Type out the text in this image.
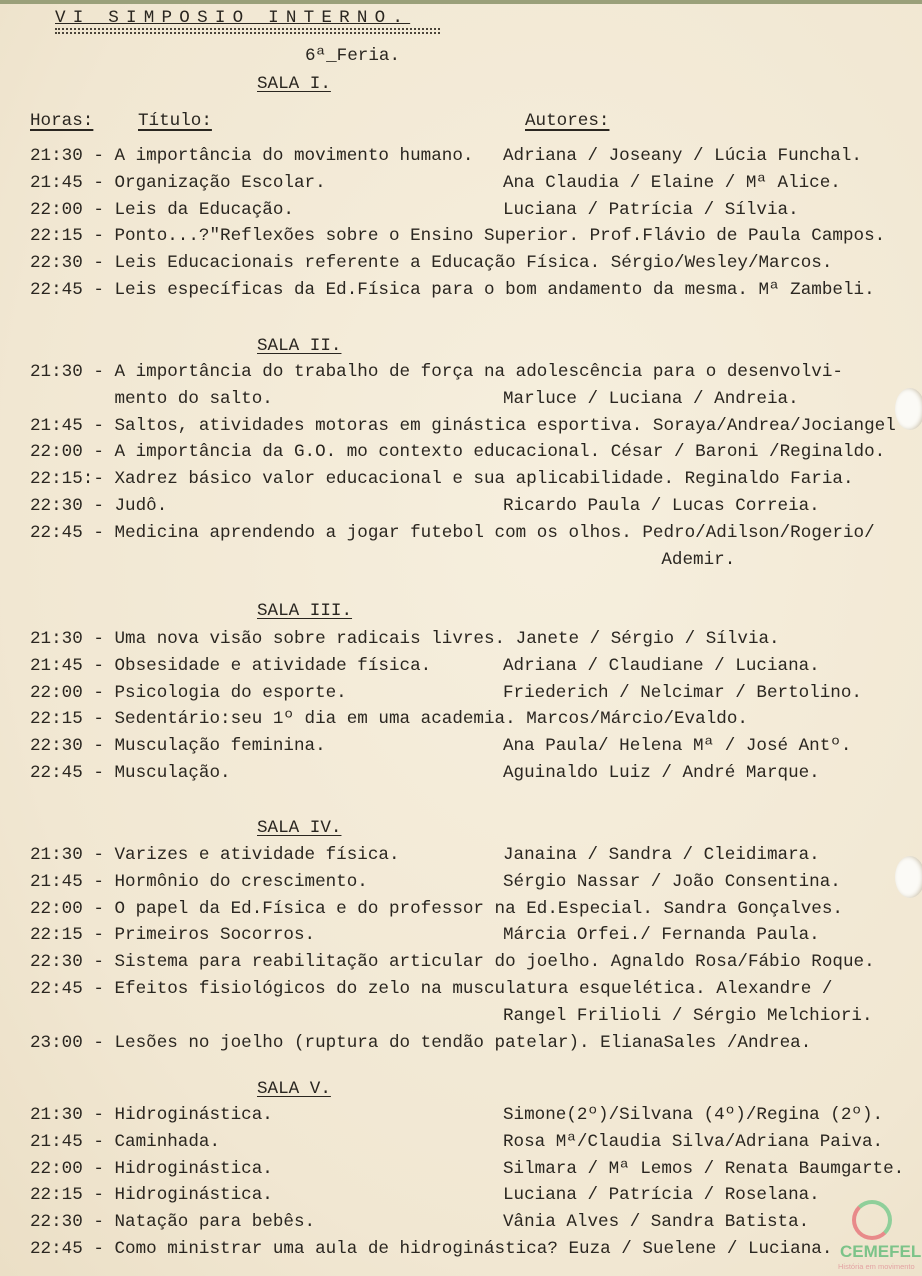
VI SIMPOSIO INTERNO.
6ª_Feria.
Horas:	Título:	Autores:
SALA I.
21:30 - A importância do movimento humano. Adriana / Joseany / Lúcia Funchal.
21:45 - Organização Escolar.	Ana Claudia / Elaine / Mª Alice.
22:00 - Leis da Educação.	Luciana / Patrícia / Sílvia.
22:15 - Ponto...?"Reflexões sobre o Ensino Superior. Prof.Flávio de Paula Campos.
22:30 - Leis Educacionais referente a Educação Física. Sérgio/Wesley/Marcos.
22:45 - Leis específicas da Ed.Física para o bom andamento da mesma. Mª Zambeli.
SALA II.
21:30 - A importância do trabalho de força na adolescência para o desenvolvi-
mento do salto.	Marluce / Luciana / Andreia.
21:45 - Saltos, atividades motoras em ginástica esportiva. Soraya/Andrea/Jociangel
22:00 - A importância da G.O. mo contexto educacional. César / Baroni /Reginaldo.
22:15:- Xadrez básico valor educacional e sua aplicabilidade. Reginaldo Faria.
22:30 - Judô.	Ricardo Paula / Lucas Correia.
22:45 - Medicina aprendendo a jogar futebol com os olhos. Pedro/Adilson/Rogerio/
Ademir.
SALA III.
21:30 - Uma nova visão sobre radicais livres. Janete / Sérgio / Sílvia.
21:45 - Obsesidade e atividade física.	Adriana / Claudiane / Luciana.
22:00 - Psicologia do esporte.	Friederich / Nelcimar / Bertolino.
22:15 - Sedentário:seu 1º dia em uma academia. Marcos/Márcio/Evaldo.
22:30 - Musculação feminina.	Ana Paula/ Helena Mª / José Antº.
22:45 - Musculação.	Aguinaldo Luiz / André Marque.
SALA IV.
21:30 - Varizes e atividade física.	Janaina / Sandra / Cleidimara.
21:45 - Hormônio do crescimento.	Sérgio Nassar / João Consentina.
22:00 - O papel da Ed.Física e do professor na Ed.Especial. Sandra Gonçalves.
22:15 - Primeiros Socorros.	Márcia Orfei./ Fernanda Paula.
22:30 - Sistema para reabilitação articular do joelho. Agnaldo Rosa/Fábio Roque.
22:45 - Efeitos fisiológicos do zelo na musculatura esquelética. Alexandre /
Rangel Frilioli / Sérgio Melchiori.
23:00 - Lesões no joelho (ruptura do tendão patelar). ElianaSales /Andrea.
SALA V.
21:30 - Hidroginástica.	Simone(2º)/Silvana (4º)/Regina (2º).
21:45 - Caminhada.	Rosa Mª/Claudia Silva/Adriana Paiva.
22:00 - Hidroginástica.	Silmara / Mª Lemos / Renata Baumgarte.
22:15 - Hidroginástica.	Luciana / Patrícia / Roselana.
22:30 - Natação para bebês.	Vânia Alves / Sandra Batista.
22:45 - Como ministrar uma aula de hidroginástica? Euza / Suelene / Luciana. CEMEFEL
História em movimento
